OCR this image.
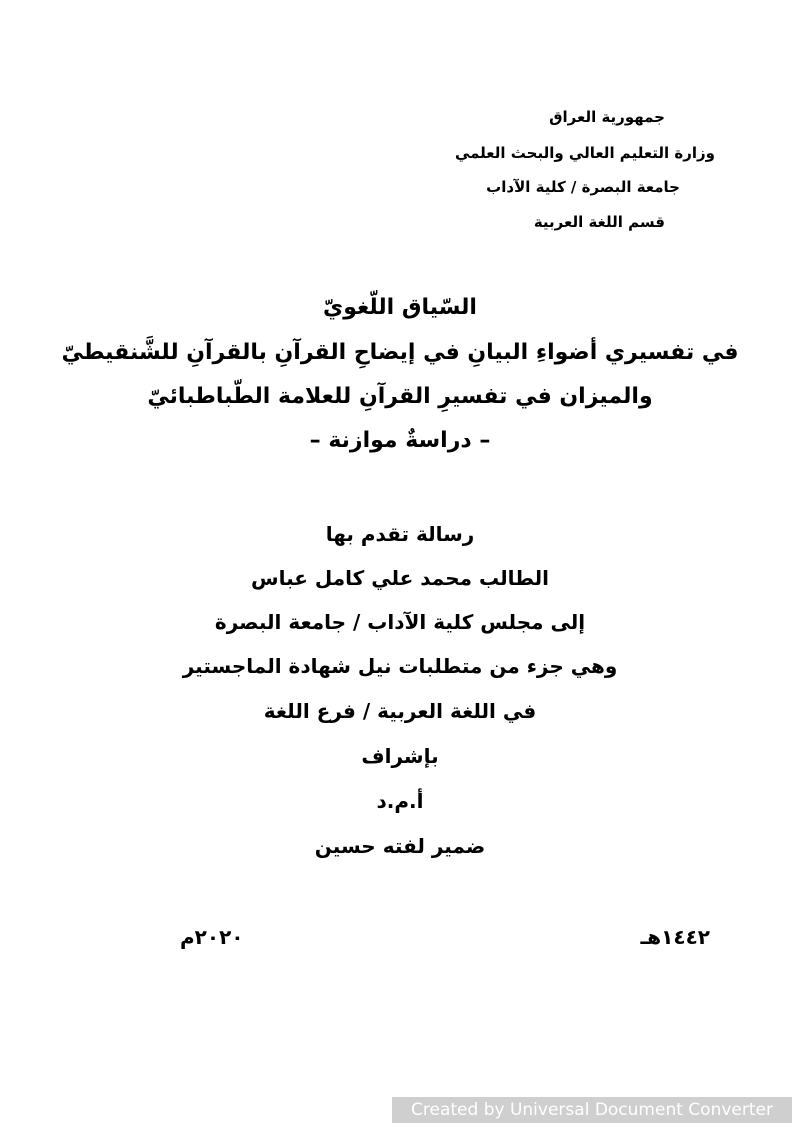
جمهورية العراق
وزارة التعليم العالي والبحث العلمي
جامعة البصرة / كلية الآداب
قسم اللغة العربية
السّياق اللّغويّ
في تفسيري أضواءِ البيانِ في إيضاحِ القرآنِ بالقرآنِ للشَّنقيطيّ
والميزان في تفسيرِ القرآنِ للعلامة الطّباطبائيّ
– دراسةٌ موازنة –
رسالة تقدم بها
الطالب محمد علي كامل عباس
إلى مجلس كلية الآداب / جامعة البصرة
وهي جزء من متطلبات نيل شهادة الماجستير
في اللغة العربية / فرع اللغة
بإشراف
أ.م.د
ضمير لفته حسين
١٤٤٢هـ
٢٠٢٠م
Created by Universal Document Converter
